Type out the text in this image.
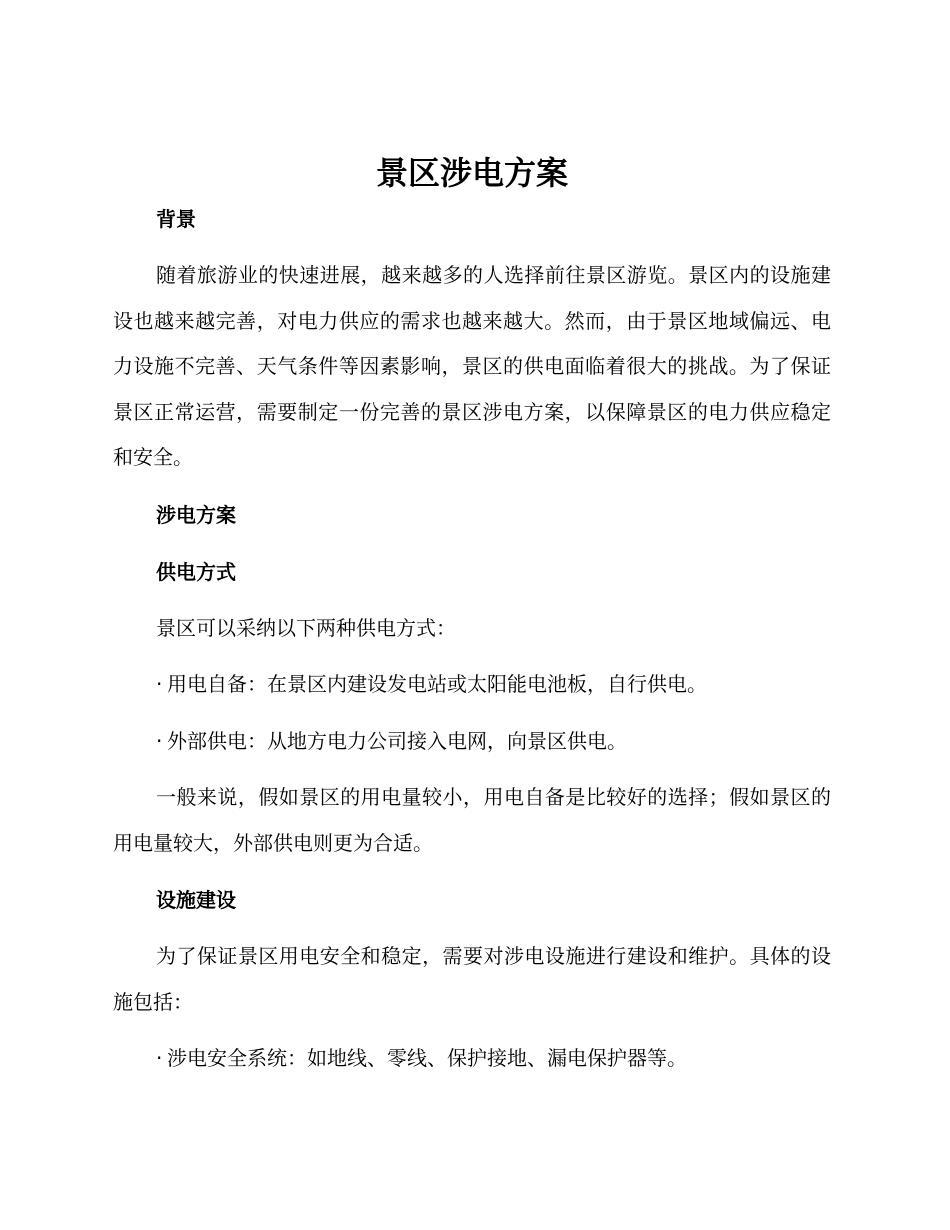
景区涉电方案
背景

随着旅游业的快速进展，越来越多的人选择前往景区游览。景区内的设施建设也越来越完善，对电力供应的需求也越来越大。然而，由于景区地域偏远、电力设施不完善、天气条件等因素影响，景区的供电面临着很大的挑战。为了保证景区正常运营，需要制定一份完善的景区涉电方案，以保障景区的电力供应稳定和安全。

涉电方案
供电方式

景区可以采纳以下两种供电方式：

· 用电自备：在景区内建设发电站或太阳能电池板，自行供电。

· 外部供电：从地方电力公司接入电网，向景区供电。

一般来说，假如景区的用电量较小，用电自备是比较好的选择；假如景区的用电量较大，外部供电则更为合适。

设施建设

为了保证景区用电安全和稳定，需要对涉电设施进行建设和维护。具体的设施包括：

· 涉电安全系统：如地线、零线、保护接地、漏电保护器等。
